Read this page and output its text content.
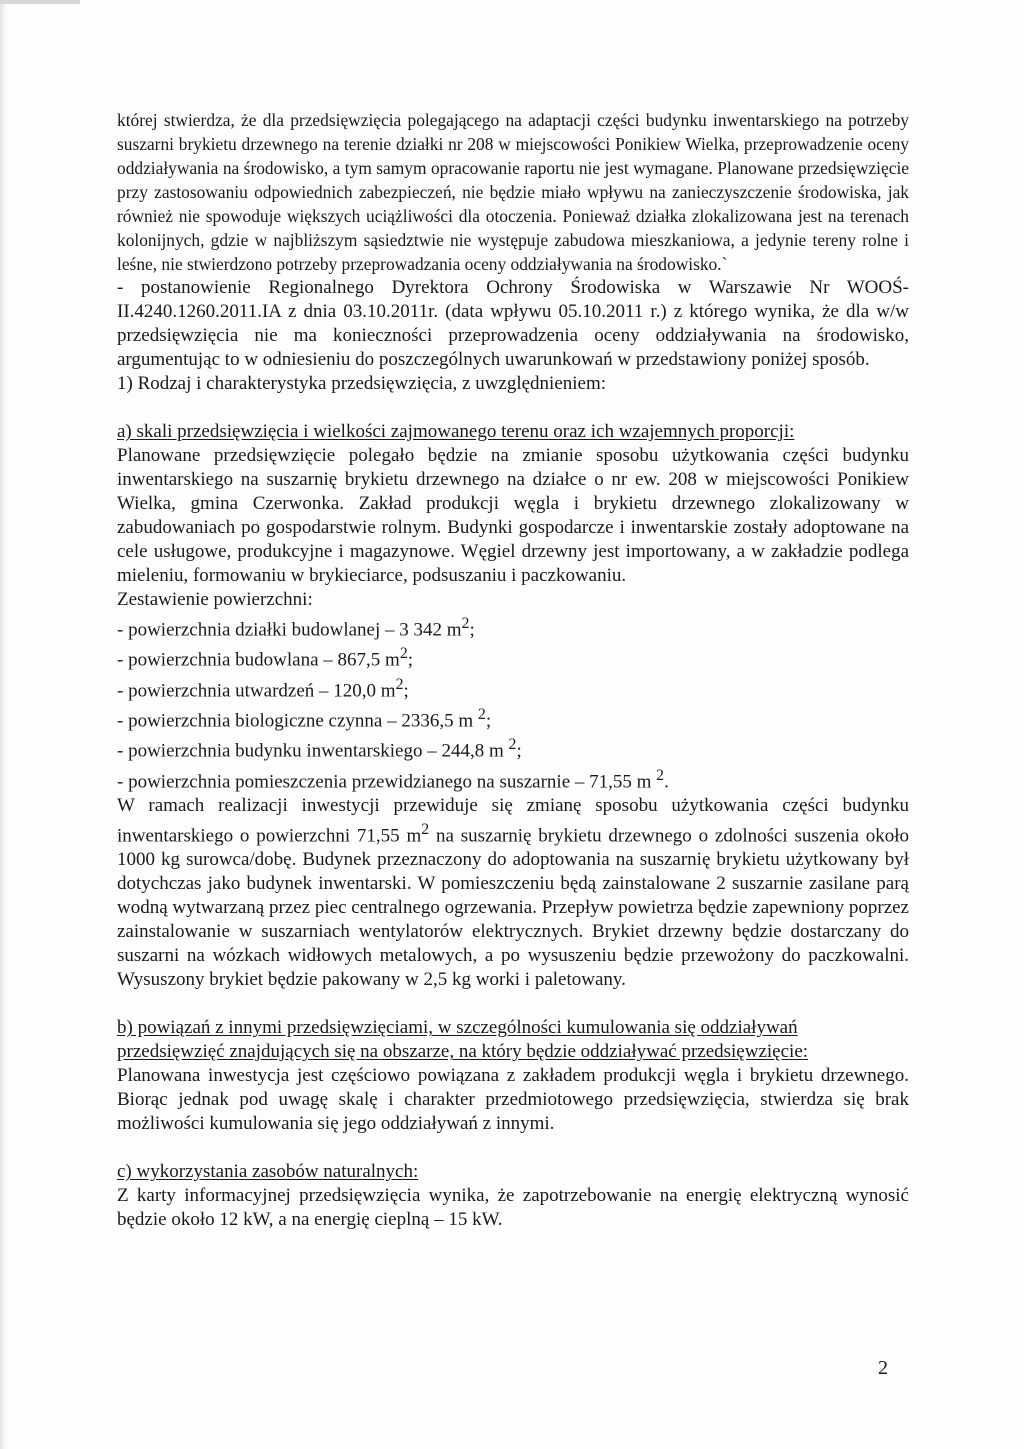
której stwierdza, że dla przedsięwzięcia polegającego na adaptacji części budynku inwentarskiego na potrzeby suszarni brykietu drzewnego na terenie działki nr 208 w miejscowości Ponikiew Wielka, przeprowadzenie oceny oddziaływania na środowisko, a tym samym opracowanie raportu nie jest wymagane. Planowane przedsięwzięcie przy zastosowaniu odpowiednich zabezpieczeń, nie będzie miało wpływu na zanieczyszczenie środowiska, jak również nie spowoduje większych uciążliwości dla otoczenia. Ponieważ działka zlokalizowana jest na terenach kolonijnych, gdzie w najbliższym sąsiedztwie nie występuje zabudowa mieszkaniowa, a jedynie tereny rolne i leśne, nie stwierdzono potrzeby przeprowadzania oceny oddziaływania na środowisko.`

- postanowienie Regionalnego Dyrektora Ochrony Środowiska w Warszawie Nr WOOŚ-II.4240.1260.2011.IA z dnia 03.10.2011r. (data wpływu 05.10.2011 r.) z którego wynika, że dla w/w przedsięwzięcia nie ma konieczności przeprowadzenia oceny oddziaływania na środowisko, argumentując to w odniesieniu do poszczególnych uwarunkowań w przedstawiony poniżej sposób.

1) Rodzaj i charakterystyka przedsięwzięcia, z uwzględnieniem:

a) skali przedsięwzięcia i wielkości zajmowanego terenu oraz ich wzajemnych proporcji:

Planowane przedsięwzięcie polegało będzie na zmianie sposobu użytkowania części budynku inwentarskiego na suszarnię brykietu drzewnego na działce o nr ew. 208 w miejscowości Ponikiew Wielka, gmina Czerwonka. Zakład produkcji węgla i brykietu drzewnego zlokalizowany w zabudowaniach po gospodarstwie rolnym. Budynki gospodarcze i inwentarskie zostały adoptowane na cele usługowe, produkcyjne i magazynowe. Węgiel drzewny jest importowany, a w zakładzie podlega mieleniu, formowaniu w brykieciarce, podsuszaniu i paczkowaniu.

Zestawienie powierzchni:

- powierzchnia działki budowlanej – 3 342 $m^2$;
- powierzchnia budowlana – 867,5 $m^2$;
- powierzchnia utwardzeń – 120,0 $m^2$;
- powierzchnia biologiczne czynna – 2336,5 m $^2$;
- powierzchnia budynku inwentarskiego – 244,8 m $^2$;
- powierzchnia pomieszczenia przewidzianego na suszarnie – 71,55 m $^2$.

W ramach realizacji inwestycji przewiduje się zmianę sposobu użytkowania części budynku inwentarskiego o powierzchni 71,55 $m^2$ na suszarnię brykietu drzewnego o zdolności suszenia około 1000 kg surowca/dobę. Budynek przeznaczony do adoptowania na suszarnię brykietu użytkowany był dotychczas jako budynek inwentarski. W pomieszczeniu będą zainstalowane 2 suszarnie zasilane parą wodną wytwarzaną przez piec centralnego ogrzewania. Przepływ powietrza będzie zapewniony poprzez zainstalowanie w suszarniach wentylatorów elektrycznych. Brykiet drzewny będzie dostarczany do suszarni na wózkach widłowych metalowych, a po wysuszeniu będzie przewożony do paczkowalni. Wysuszony brykiet będzie pakowany w 2,5 kg worki i paletowany.

b) powiązań z innymi przedsięwzięciami, w szczególności kumulowania się oddziaływań przedsięwzięć znajdujących się na obszarze, na który będzie oddziaływać przedsięwzięcie:

Planowana inwestycja jest częściowo powiązana z zakładem produkcji węgla i brykietu drzewnego. Biorąc jednak pod uwagę skalę i charakter przedmiotowego przedsięwzięcia, stwierdza się brak możliwości kumulowania się jego oddziaływań z innymi.

c) wykorzystania zasobów naturalnych:

Z karty informacyjnej przedsięwzięcia wynika, że zapotrzebowanie na energię elektryczną wynosić będzie około 12 kW, a na energię cieplną – 15 kW.

2
